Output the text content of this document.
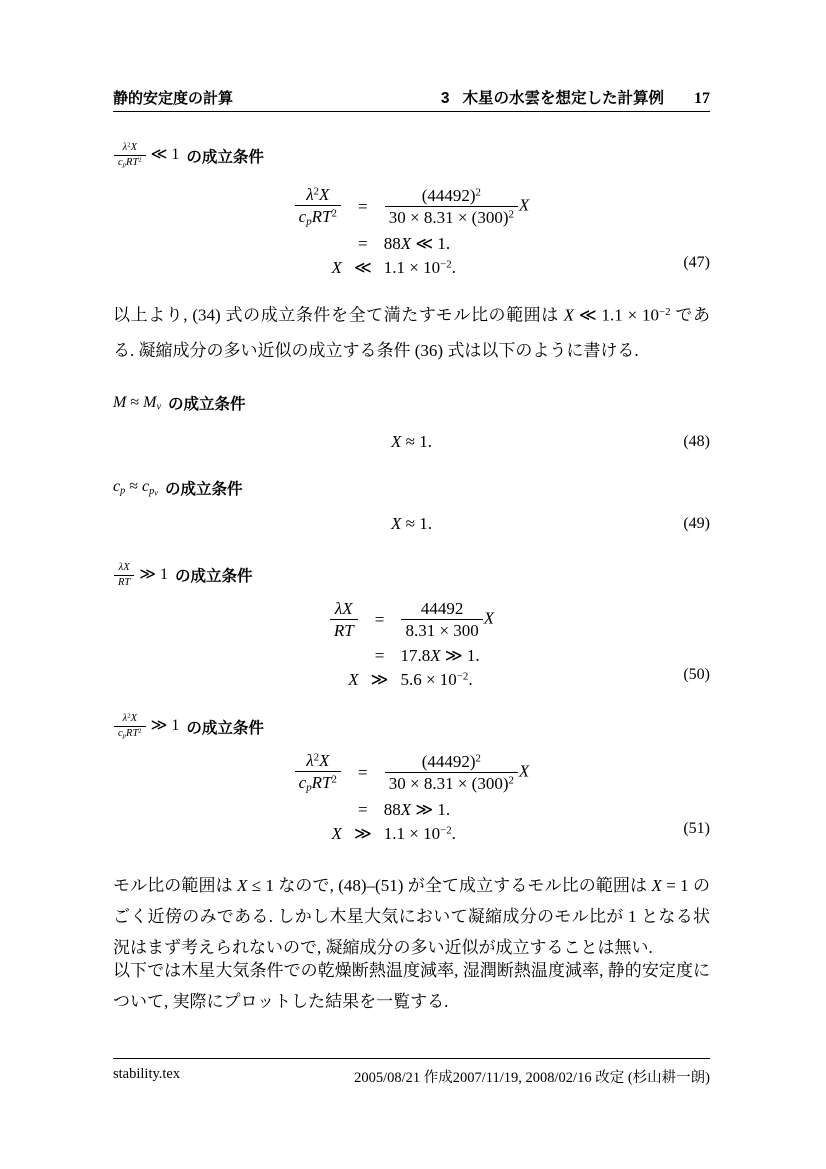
静的安定度の計算	3 木星の水雲を想定した計算例 17
$\frac{\lambda^2X}{c_pRT^2}$ ≪ 1 の成立条件
$\frac{\lambda^2X}{c_pRT^2}$	=	$\frac{(44492)^2}{30 \times 8.31 \times (300)^2}$ X
	=	88X ≪ 1.
X	≪	$1.1 \times 10^{-2}$.	(47)
以上より, (34) 式の成立条件を全て満たすモル比の範囲は X ≪ $1.1 \times 10^{-2}$ である. 凝縮成分の多い近似の成立する条件 (36) 式は以下のように書ける.
$M \approx M_v$ の成立条件
X ≈ 1.	(48)
$c_p \approx c_{pv}$ の成立条件
X ≈ 1.	(49)
$\frac{\lambda X}{RT}$ ≫ 1 の成立条件
$\frac{\lambda X}{RT}$	=	$\frac{44492}{8.31 \times 300}$ X
	=	17.8X ≫ 1.
X	≫	$5.6 \times 10^{-2}$.	(50)
$\frac{\lambda^2X}{c_pRT^2}$ ≫ 1 の成立条件
$\frac{\lambda^2X}{c_pRT^2}$	=	$\frac{(44492)^2}{30 \times 8.31 \times (300)^2}$ X
	=	88X ≫ 1.
X	≫	$1.1 \times 10^{-2}$.	(51)
モル比の範囲は X ≤ 1 なので, (48)–(51) が全て成立するモル比の範囲は X = 1 のごく近傍のみである. しかし木星大気において凝縮成分のモル比が 1 となる状況はまず考えられないので, 凝縮成分の多い近似が成立することは無い.
以下では木星大気条件での乾燥断熱温度減率, 湿潤断熱温度減率, 静的安定度について, 実際にプロットした結果を一覧する.
stability.tex	2005/08/21 作成2007/11/19, 2008/02/16 改定 (杉山耕一朗)
